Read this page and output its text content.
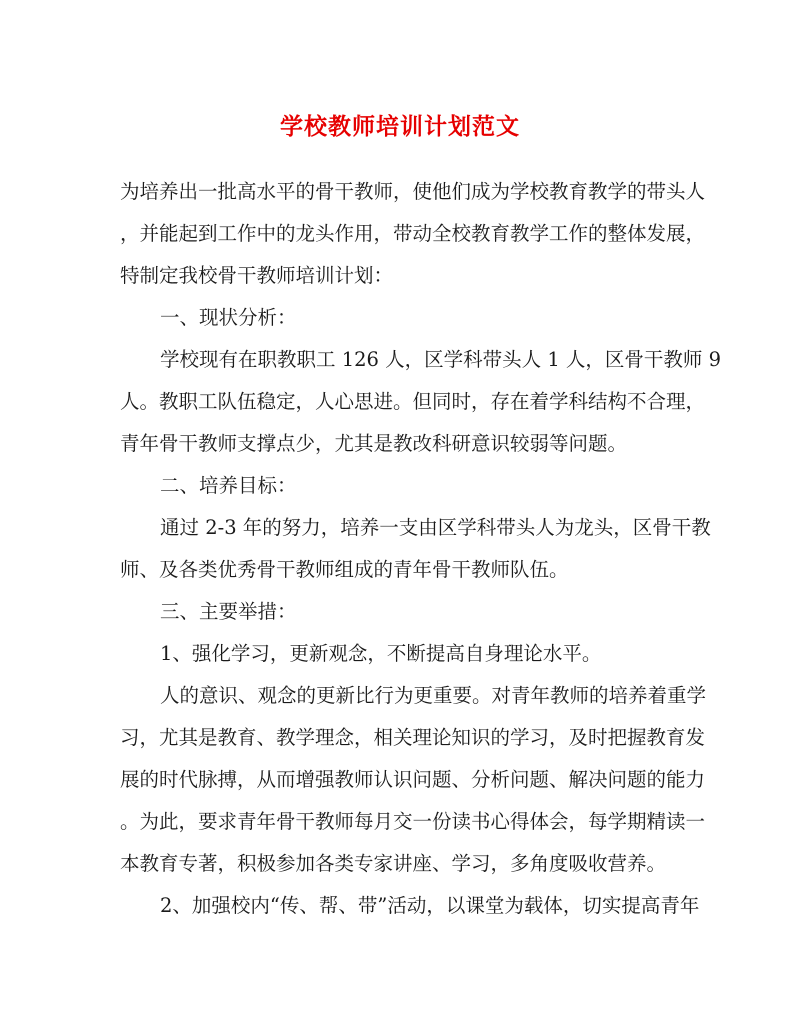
学校教师培训计划范文
为培养出一批高水平的骨干教师，使他们成为学校教育教学的带头人
，并能起到工作中的龙头作用，带动全校教育教学工作的整体发展，
特制定我校骨干教师培训计划：
一、现状分析：
学校现有在职教职工 126 人，区学科带头人 1 人，区骨干教师 9
人。教职工队伍稳定，人心思进。但同时，存在着学科结构不合理，
青年骨干教师支撑点少，尤其是教改科研意识较弱等问题。
二、培养目标：
通过 2-3 年的努力，培养一支由区学科带头人为龙头，区骨干教
师、及各类优秀骨干教师组成的青年骨干教师队伍。
三、主要举措：
1、强化学习，更新观念，不断提高自身理论水平。
人的意识、观念的更新比行为更重要。对青年教师的培养着重学
习，尤其是教育、教学理念，相关理论知识的学习，及时把握教育发
展的时代脉搏，从而增强教师认识问题、分析问题、解决问题的能力
。为此，要求青年骨干教师每月交一份读书心得体会，每学期精读一
本教育专著，积极参加各类专家讲座、学习，多角度吸收营养。
2、加强校内“传、帮、带”活动，以课堂为载体，切实提高青年
